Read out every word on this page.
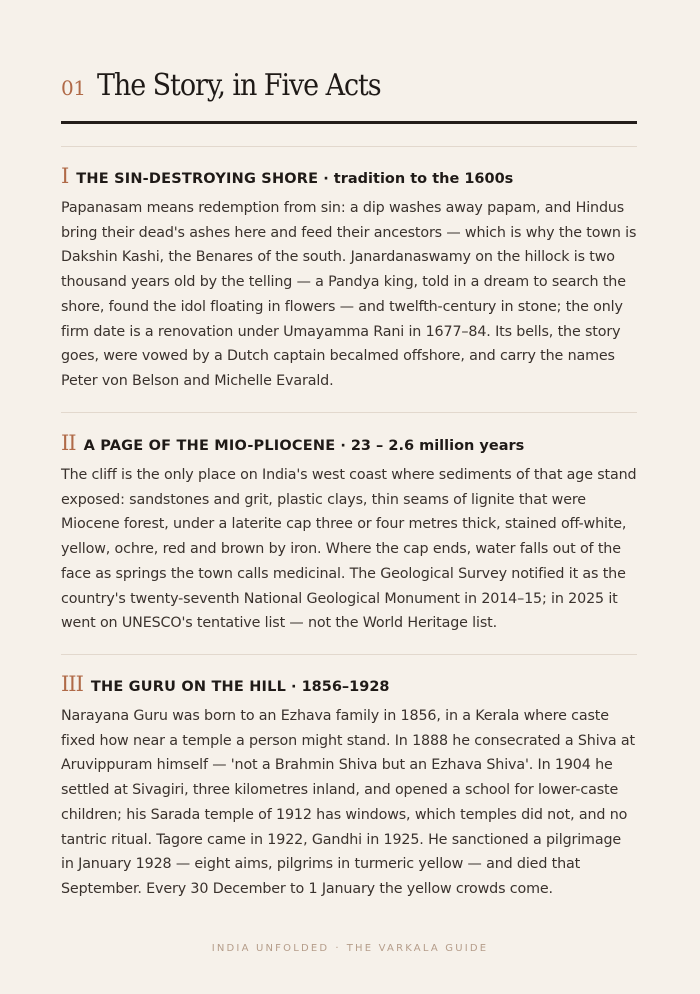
01 The Story, in Five Acts
I THE SIN-DESTROYING SHORE · tradition to the 1600s

Papanasam means redemption from sin: a dip washes away papam, and Hindus bring their dead's ashes here and feed their ancestors — which is why the town is Dakshin Kashi, the Benares of the south. Janardanaswamy on the hillock is two thousand years old by the telling — a Pandya king, told in a dream to search the shore, found the idol floating in flowers — and twelfth-century in stone; the only firm date is a renovation under Umayamma Rani in 1677–84. Its bells, the story goes, were vowed by a Dutch captain becalmed offshore, and carry the names Peter von Belson and Michelle Evarald.

II A PAGE OF THE MIO-PLIOCENE · 23 – 2.6 million years

The cliff is the only place on India's west coast where sediments of that age stand exposed: sandstones and grit, plastic clays, thin seams of lignite that were Miocene forest, under a laterite cap three or four metres thick, stained off-white, yellow, ochre, red and brown by iron. Where the cap ends, water falls out of the face as springs the town calls medicinal. The Geological Survey notified it as the country's twenty-seventh National Geological Monument in 2014–15; in 2025 it went on UNESCO's tentative list — not the World Heritage list.

III THE GURU ON THE HILL · 1856–1928

Narayana Guru was born to an Ezhava family in 1856, in a Kerala where caste fixed how near a temple a person might stand. In 1888 he consecrated a Shiva at Aruvippuram himself — 'not a Brahmin Shiva but an Ezhava Shiva'. In 1904 he settled at Sivagiri, three kilometres inland, and opened a school for lower-caste children; his Sarada temple of 1912 has windows, which temples did not, and no tantric ritual. Tagore came in 1922, Gandhi in 1925. He sanctioned a pilgrimage in January 1928 — eight aims, pilgrims in turmeric yellow — and died that September. Every 30 December to 1 January the yellow crowds come.

INDIA UNFOLDED · THE VARKALA GUIDE
